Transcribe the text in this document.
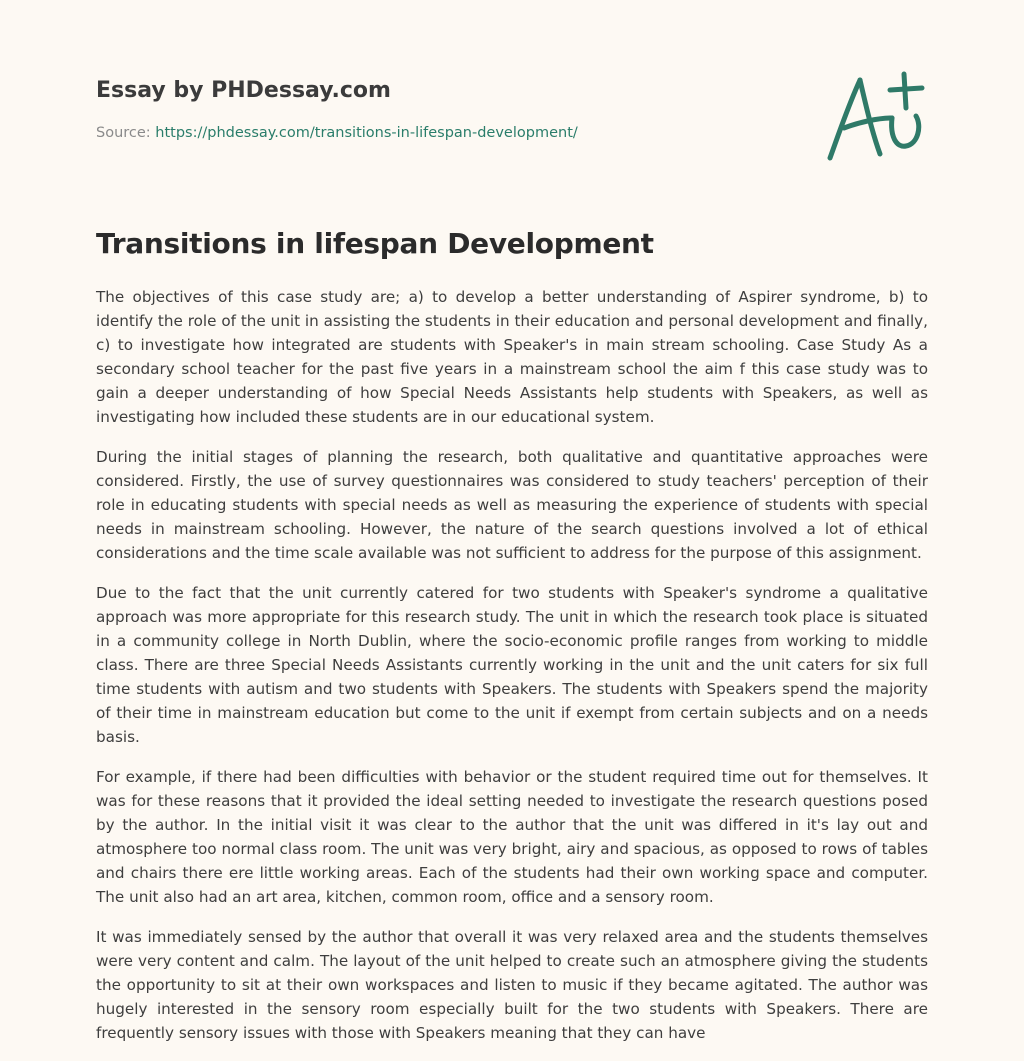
Essay by PHDessay.com
Source: https://phdessay.com/transitions-in-lifespan-development/
Transitions in lifespan Development

The objectives of this case study are; a) to develop a better understanding of Aspirer syndrome, b) to identify the role of the unit in assisting the students in their education and personal development and finally, c) to investigate how integrated are students with Speaker's in main stream schooling. Case Study As a secondary school teacher for the past five years in a mainstream school the aim f this case study was to gain a deeper understanding of how Special Needs Assistants help students with Speakers, as well as investigating how included these students are in our educational system.

During the initial stages of planning the research, both qualitative and quantitative approaches were considered. Firstly, the use of survey questionnaires was considered to study teachers' perception of their role in educating students with special needs as well as measuring the experience of students with special needs in mainstream schooling. However, the nature of the search questions involved a lot of ethical considerations and the time scale available was not sufficient to address for the purpose of this assignment.

Due to the fact that the unit currently catered for two students with Speaker's syndrome a qualitative approach was more appropriate for this research study. The unit in which the research took place is situated in a community college in North Dublin, where the socio-economic profile ranges from working to middle class. There are three Special Needs Assistants currently working in the unit and the unit caters for six full time students with autism and two students with Speakers. The students with Speakers spend the majority of their time in mainstream education but come to the unit if exempt from certain subjects and on a needs basis.

For example, if there had been difficulties with behavior or the student required time out for themselves. It was for these reasons that it provided the ideal setting needed to investigate the research questions posed by the author. In the initial visit it was clear to the author that the unit was differed in it's lay out and atmosphere too normal class room. The unit was very bright, airy and spacious, as opposed to rows of tables and chairs there ere little working areas. Each of the students had their own working space and computer. The unit also had an art area, kitchen, common room, office and a sensory room.

It was immediately sensed by the author that overall it was very relaxed area and the students themselves were very content and calm. The layout of the unit helped to create such an atmosphere giving the students the opportunity to sit at their own workspaces and listen to music if they became agitated. The author was hugely interested in the sensory room especially built for the two students with Speakers. There are frequently sensory issues with those with Speakers meaning that they can have
